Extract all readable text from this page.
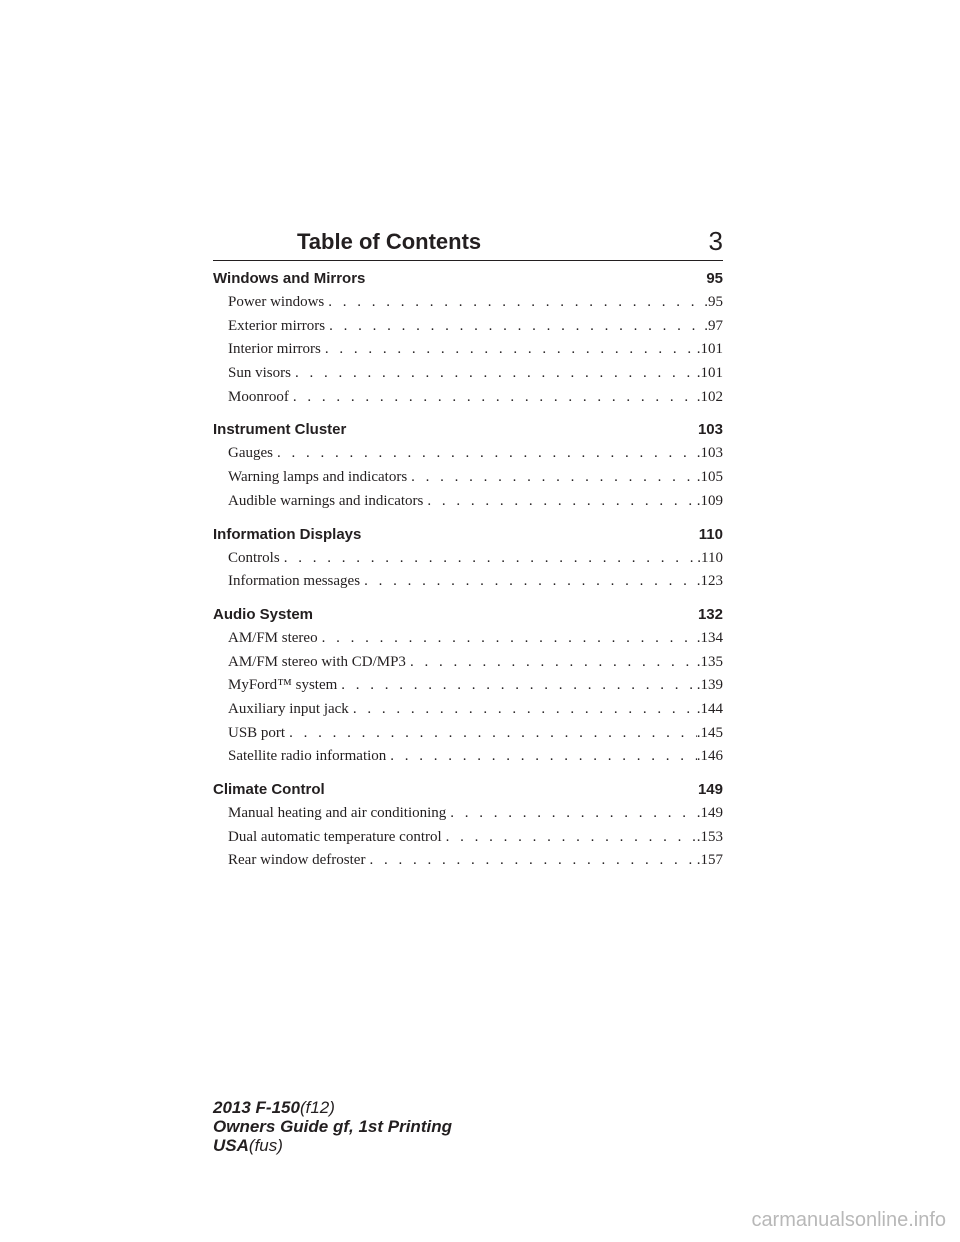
Table of Contents	3
Windows and Mirrors	95
Power windows . . .	.95
Exterior mirrors . . .	.97
Interior mirrors . . .	.101
Sun visors . . .	.101
Moonroof . . .	.102
Instrument Cluster	103
Gauges . . .	.103
Warning lamps and indicators . . .	.105
Audible warnings and indicators . . .	.109
Information Displays	110
Controls . . .	.110
Information messages . . .	.123
Audio System	132
AM/FM stereo . . .	.134
AM/FM stereo with CD/MP3 . . .	.135
MyFord™ system . . .	.139
Auxiliary input jack . . .	.144
USB port . . .	.145
Satellite radio information . . .	.146
Climate Control	149
Manual heating and air conditioning . . .	.149
Dual automatic temperature control . . .	.153
Rear window defroster . . .	.157
2013 F-150(f12)
Owners Guide gf, 1st Printing
USA(fus)
carmanualsonline.info
